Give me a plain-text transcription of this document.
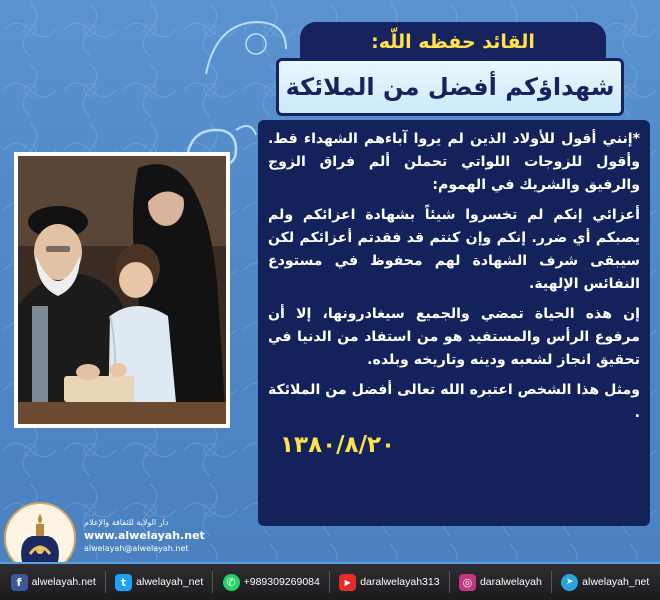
القائد حفظه اللّه:
شهداؤكم أفضل من الملائكة

*إنني أقول للأولاد الذين لم يروا آباءهم الشهداء قط. وأقول للزوجات اللواتي تحملن ألم فراق الزوج والرفيق والشريك في الهموم:

أعزائي إنكم لم تخسروا شيئاً بشهادة اعزائكم ولم يصبكم أي ضرر. إنكم وإن كنتم قد فقدتم أعزائكم لكن سيبقى شرف الشهادة لهم محفوظ في مستودع النفائس الإلهية.

إن هذه الحياة تمضي والجميع سيغادرونها، إلا أن مرفوع الرأس والمستفيد هو من استفاد من الدنيا في تحقيق انجاز لشعبه ودينه وتاريخه وبلده.

ومثل هذا الشخص اعتبره الله تعالى أفضل من الملائكة .

۱۳۸۰/۸/۲۰
دار الولاية للثقافة والإعلام
www.alwelayah.net
alwelayah@alwelayah.net
f alwelayah.net	t alwelayah_net	✆ +989309269084	▶ daralwelayah313	◎ daralwelayah	➤ alwelayah_net
